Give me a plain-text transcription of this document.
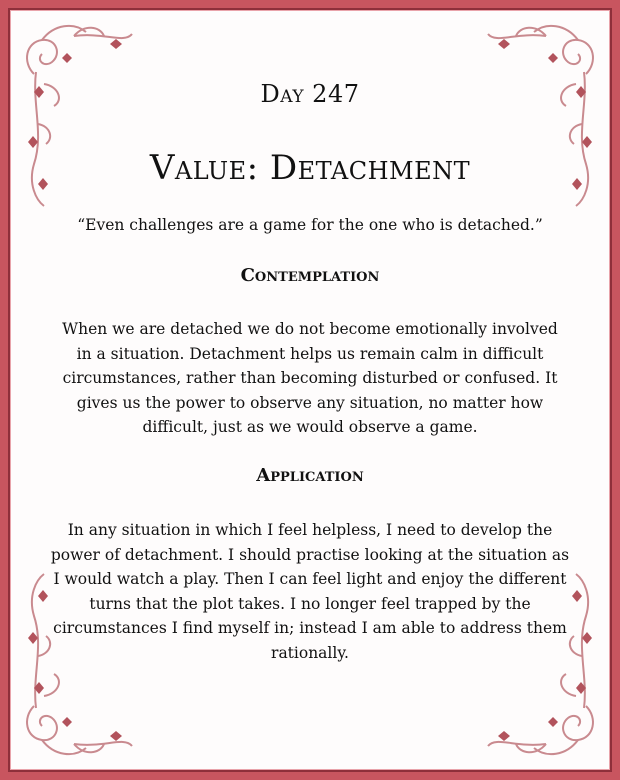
Day 247
Value: Detachment
“Even challenges are a game for the one who is detached.”
Contemplation
When we are detached we do not become emotionally involved in a situation. Detachment helps us remain calm in difficult circumstances, rather than becoming disturbed or confused. It gives us the power to observe any situation, no matter how difficult, just as we would observe a game.
Application
In any situation in which I feel helpless, I need to develop the power of detachment. I should practise looking at the situation as I would watch a play. Then I can feel light and enjoy the different turns that the plot takes. I no longer feel trapped by the circumstances I find myself in; instead I am able to address them rationally.
